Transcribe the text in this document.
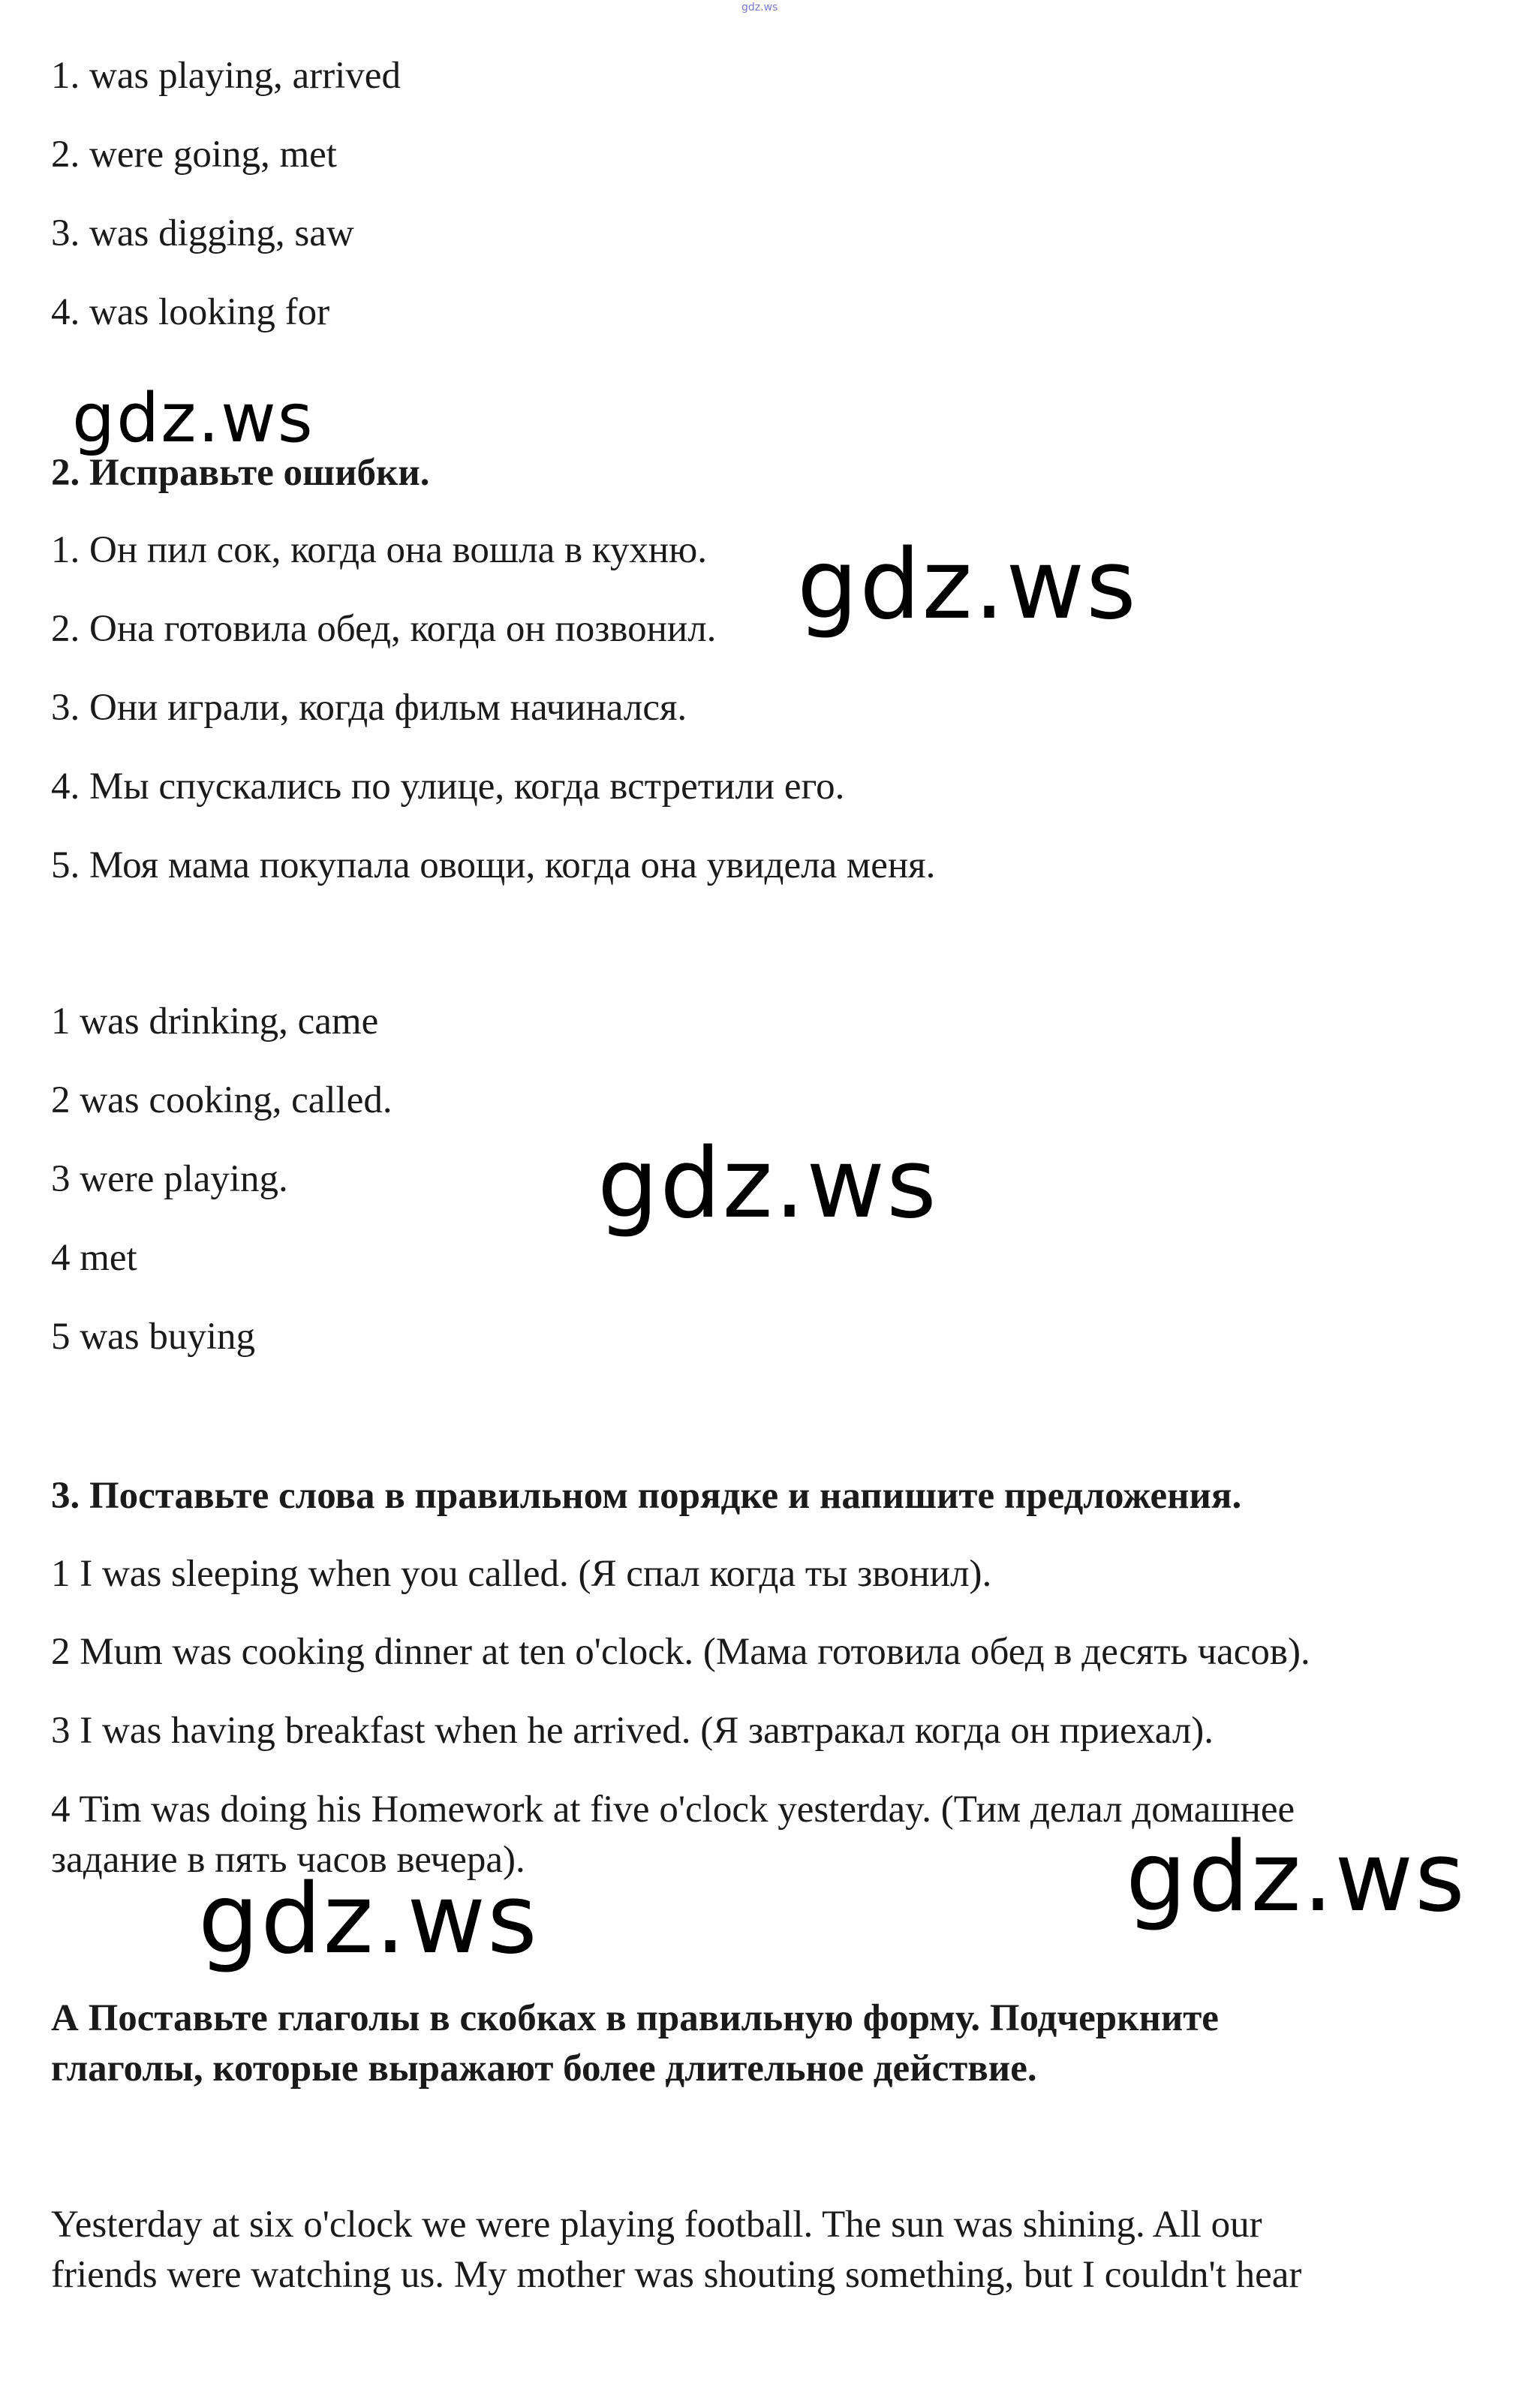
gdz.ws
1. was playing, arrived
2. were going, met
3. was digging, saw
4. was looking for
gdz.ws
2. Исправьте ошибки.
1. Он пил сок, когда она вошла в кухню.
2. Она готовила обед, когда он позвонил.
3. Они играли, когда фильм начинался.
4. Мы спускались по улице, когда встретили его.
5. Моя мама покупала овощи, когда она увидела меня.
gdz.ws
1 was drinking, came
2 was cooking, called.
3 were playing.
4 met
5 was buying
gdz.ws
3. Поставьте слова в правильном порядке и напишите предложения.
1 I was sleeping when you called. (Я спал когда ты звонил).
2 Mum was cooking dinner at ten o'clock. (Мама готовила обед в десять часов).
3 I was having breakfast when he arrived. (Я завтракал когда он приехал).
4 Tim was doing his Homework at five o'clock yesterday. (Тим делал домашнее
задание в пять часов вечера).	gdz.ws
gdz.ws
А Поставьте глаголы в скобках в правильную форму. Подчеркните
глаголы, которые выражают более длительное действие.
Yesterday at six o'clock we were playing football. The sun was shining. All our
friends were watching us. My mother was shouting something, but I couldn't hear
